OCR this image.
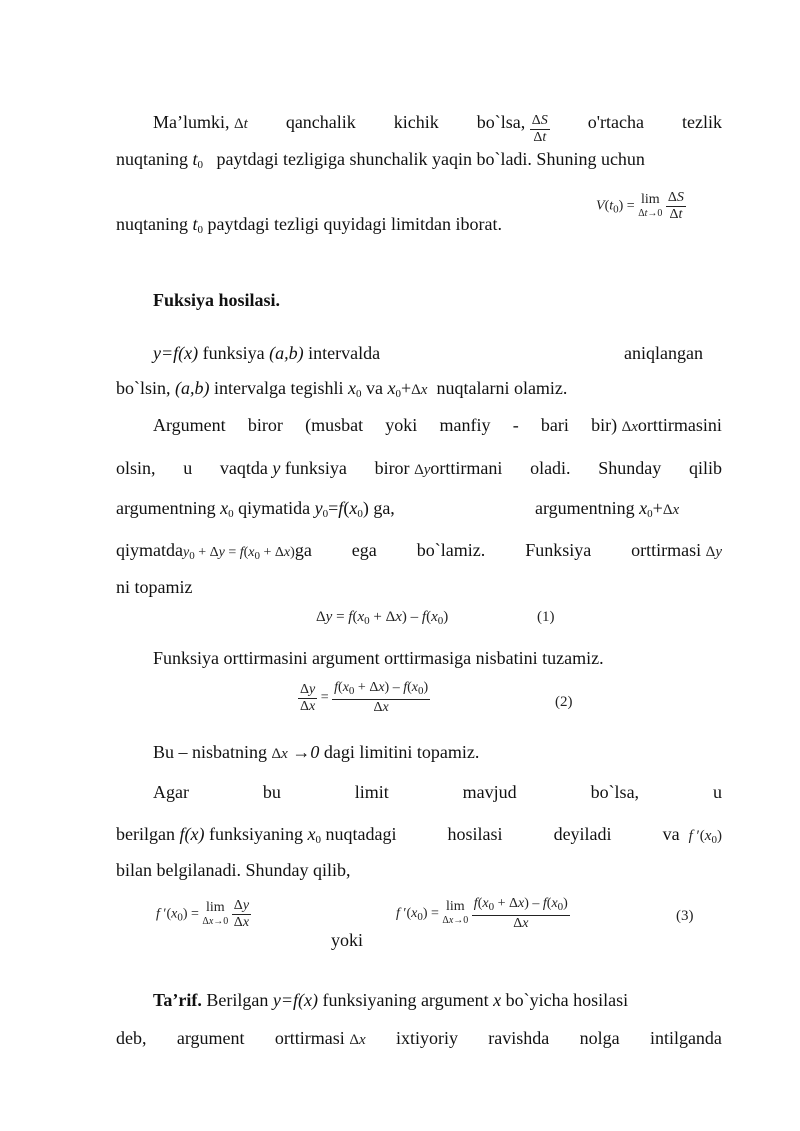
Ma’lumki, Δt qanchalik kichik bo`lsa, $\frac{\Delta S}{\Delta t}$ o'rtacha tezlik
nuqtaning $t_0$ paytdagi tezligiga shunchalik yaqin bo`ladi. Shuning uchun
nuqtaning $t_0$ paytdagi tezligi quyidagi limitdan iborat.
$V(t_0) = \lim$
Δt→0
$\frac{\Delta S}{\Delta t}$
Fuksiya hosilasi.
y=f(x) funksiya (a,b) intervalda	aniqlangan
bo`lsin, (a,b) intervalga tegishli $x_0$ va $x_0+\Delta x$ nuqtalarni olamiz.
Argument biror (musbat yoki manfiy - bari bir) Δxorttirmasini
olsin, u vaqtda y funksiya biror Δyorttirmani oladi. Shunday qilib
argumentning $x_0$ qiymatida $y_0=f(x_0)$ ga,	argumentning $x_0+\Delta x$
qiymatday$_0$ + $\Delta y = f(x_0 + \Delta x)ga$ ega bo`lamiz. Funksiya orttirmasi Δy
ni topamiz
$\Delta y = f(x_0 + \Delta x) - f(x_0)$	(1)
Funksiya orttirmasini argument orttirmasiga nisbatini tuzamiz.
$\frac{\Delta y}{\Delta x} = \frac{f(x_0 + \Delta x) - f(x_0)}{\Delta x}$	(2)
Bu – nisbatning Δx →0 dagi limitini topamiz.
Agar	bu	limit	mavjud	bo`lsa,	u
berilgan f(x) funksiyaning $x_0$ nuqtadagi	hosilasi	deyiladi	va f $'(x_0)$
bilan belgilanadi. Shunday qilib,
f $'(x_0) = \lim$
Δx→0
$\frac{\Delta y}{\Delta x}$
yoki
f $'(x_0) = \lim$
Δx→0
$\frac{f(x_0 + \Delta x) - f(x_0)}{\Delta x}$	(3)
Ta’rif. Berilgan y=f(x) funksiyaning argument x bo`yicha hosilasi
deb, argument orttirmasi Δx ixtiyoriy ravishda nolga intilganda
